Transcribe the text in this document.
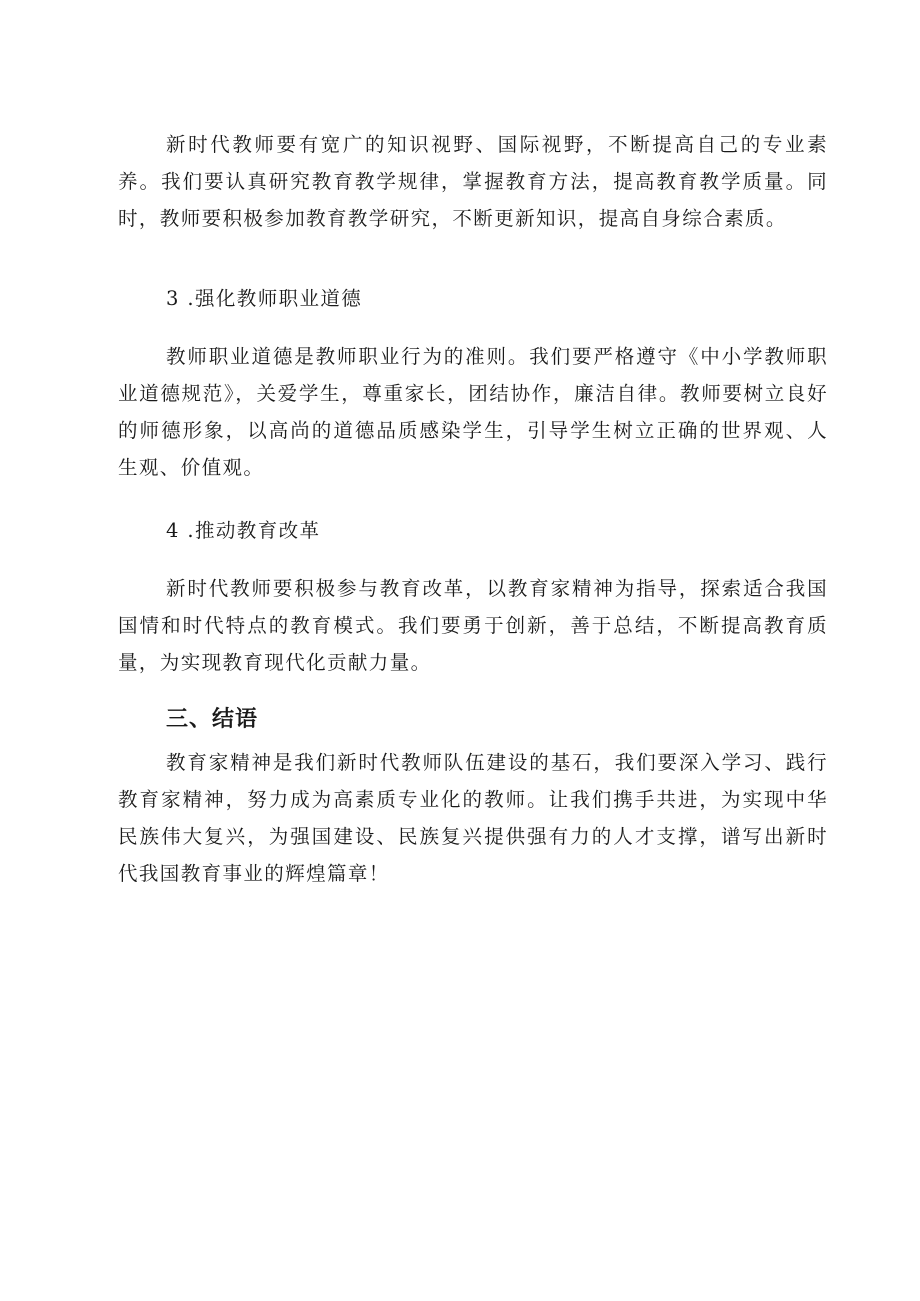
新时代教师要有宽广的知识视野、国际视野，不断提高自己的专业素养。我们要认真研究教育教学规律，掌握教育方法，提高教育教学质量。同时，教师要积极参加教育教学研究，不断更新知识，提高自身综合素质。

3 .强化教师职业道德

教师职业道德是教师职业行为的准则。我们要严格遵守《中小学教师职业道德规范》，关爱学生，尊重家长，团结协作，廉洁自律。教师要树立良好的师德形象，以高尚的道德品质感染学生，引导学生树立正确的世界观、人生观、价值观。

4 .推动教育改革

新时代教师要积极参与教育改革，以教育家精神为指导，探索适合我国国情和时代特点的教育模式。我们要勇于创新，善于总结，不断提高教育质量，为实现教育现代化贡献力量。

三、结语

教育家精神是我们新时代教师队伍建设的基石，我们要深入学习、践行教育家精神，努力成为高素质专业化的教师。让我们携手共进，为实现中华民族伟大复兴，为强国建设、民族复兴提供强有力的人才支撑，谱写出新时代我国教育事业的辉煌篇章！
